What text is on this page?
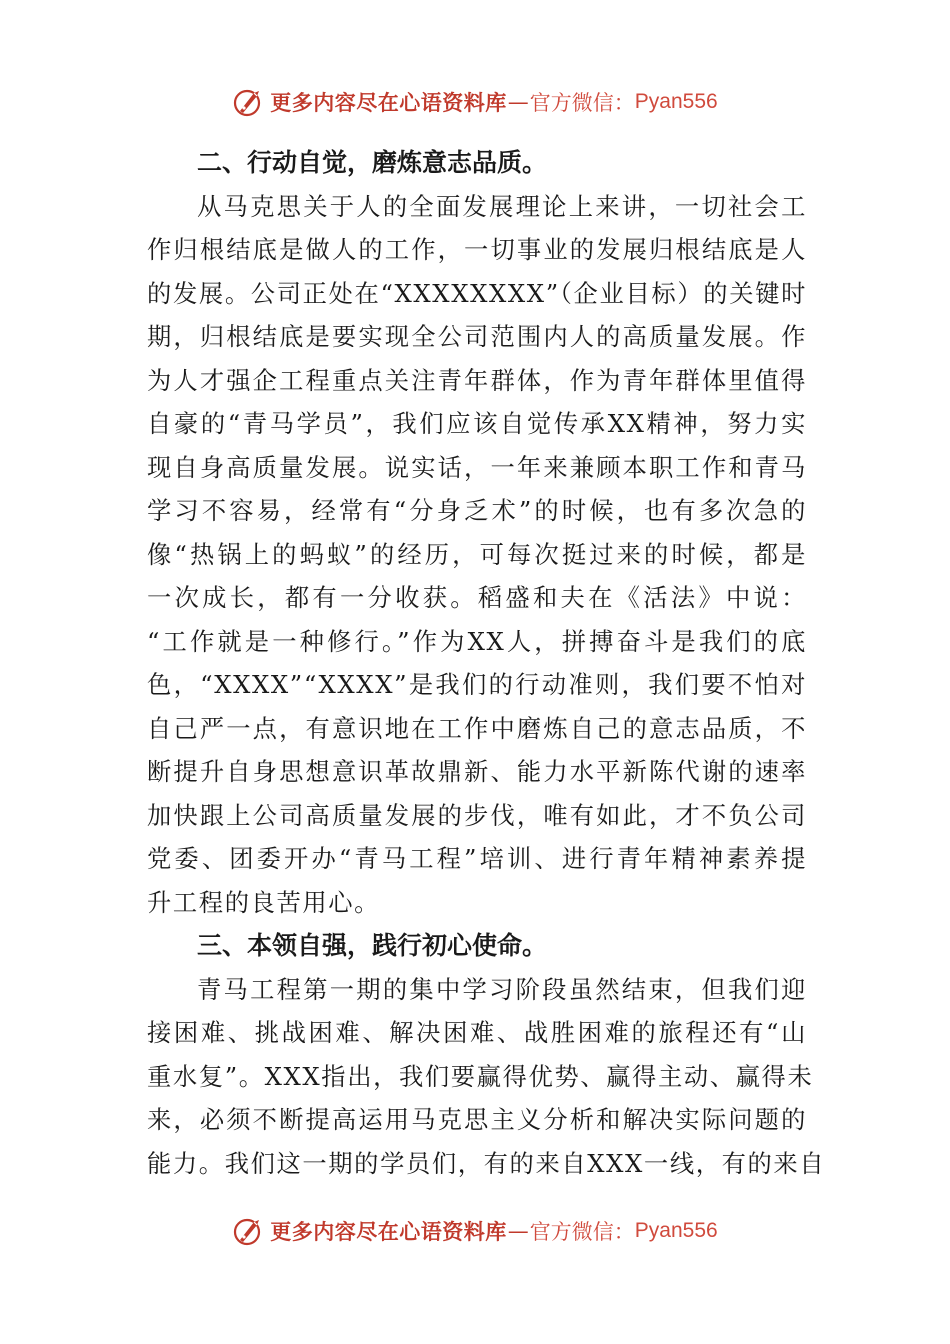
更多内容尽在心语资料库 — 官方微信： Pyan556
二、行动自觉，磨炼意志品质。
从马克思关于人的全面发展理论上来讲，一切社会工
作归根结底是做人的工作，一切事业的发展归根结底是人
的发展。公司正处在“XXXXXXXX”（企业目标）的关键时
期，归根结底是要实现全公司范围内人的高质量发展。作
为人才强企工程重点关注青年群体，作为青年群体里值得
自豪的“青马学员”，我们应该自觉传承XX精神，努力实
现自身高质量发展。说实话，一年来兼顾本职工作和青马
学习不容易，经常有“分身乏术”的时候，也有多次急的
像“热锅上的蚂蚁”的经历，可每次挺过来的时候，都是
一次成长，都有一分收获。稻盛和夫在《活法》中说：
“工作就是一种修行。”作为XX人，拼搏奋斗是我们的底
色，“XXXX”“XXXX”是我们的行动准则，我们要不怕对
自己严一点，有意识地在工作中磨炼自己的意志品质，不
断提升自身思想意识革故鼎新、能力水平新陈代谢的速率
加快跟上公司高质量发展的步伐，唯有如此，才不负公司
党委、团委开办“青马工程”培训、进行青年精神素养提
升工程的良苦用心。
三、本领自强，践行初心使命。
青马工程第一期的集中学习阶段虽然结束，但我们迎
接困难、挑战困难、解决困难、战胜困难的旅程还有“山
重水复”。XXX指出，我们要赢得优势、赢得主动、赢得未
来，必须不断提高运用马克思主义分析和解决实际问题的
能力。我们这一期的学员们，有的来自XXX一线，有的来自
更多内容尽在心语资料库 — 官方微信： Pyan556
